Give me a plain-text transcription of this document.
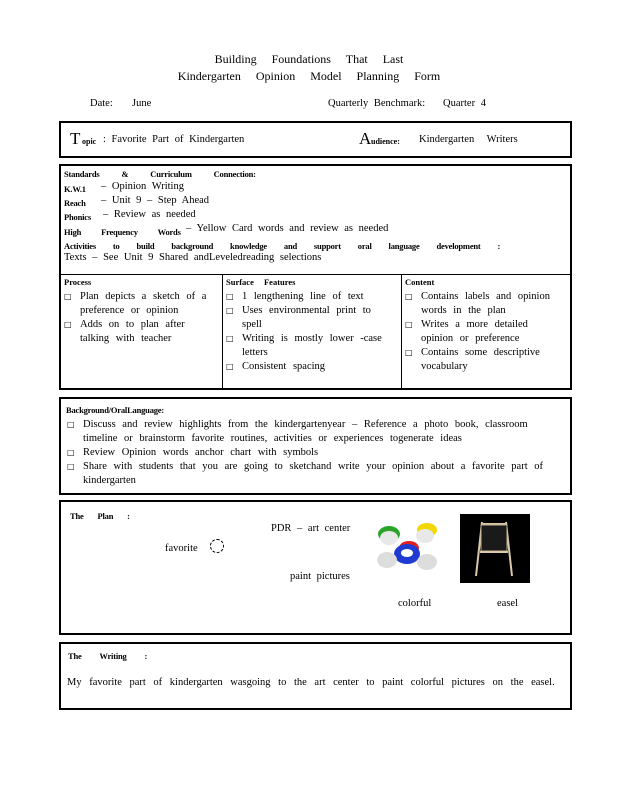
Building Foundations That Last
Kindergarten Opinion Model Planning Form
Date: June	Quarterly Benchmark: Quarter 4
T opic : Favorite Part of Kindergarten	A udience: Kindergarten Writers
Standards & Curriculum Connection:
K.W.1 – Opinion Writing
Reach – Unit 9 – Step Ahead
Phonics – Review as needed
High Frequency Words – Yellow Card words and review as needed
Activities to build background knowledge and support oral language development :
Texts – See Unit 9 Shared andLeveledreading selections
Process
□ Plan depicts a sketch of a preference or opinion
□ Adds on to plan after talking with teacher
Surface Features
□ 1 lengthening line of text
□ Uses environmental print to spell
□ Writing is mostly lower -case letters
□ Consistent spacing
Content
□ Contains labels and opinion words in the plan
□ Writes a more detailed opinion or preference
□ Contains some descriptive vocabulary
Background/OralLanguage:
□ Discuss and review highlights from the kindergartenyear – Reference a photo book, classroom timeline or brainstorm favorite routines, activities or experiences togenerate ideas
□ Review Opinion words anchor chart with symbols
□ Share with students that you are going to sketchand write your opinion about a favorite part of kindergarten
The Plan :
favorite
PDR – art center
paint pictures
colorful	easel
The Writing :
My favorite part of kindergarten wasgoing to the art center to paint colorful pictures on the easel.
